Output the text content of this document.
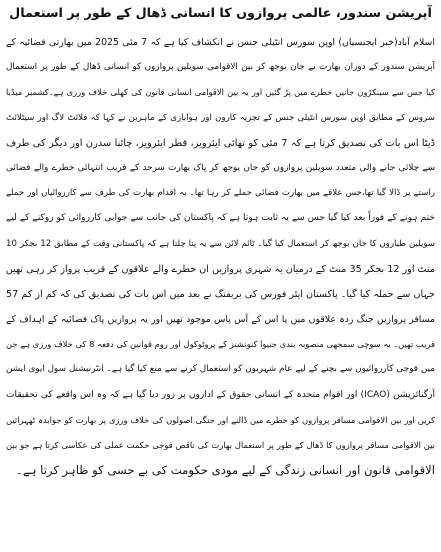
آپریشن سندور، عالمی پروازوں کا انسانی ڈھال کے طور پر استعمال
اسلام آباد(خبر ایجنسیاں) اوپن سورس انٹیلی جنس نے انکشاف کیا ہے کہ 7 مئی 2025 میں بھارتی فضائیہ کے
آپریشن سندور کے دوران بھارت نے جان بوجھ کر بین الاقوامی سویلین پروازوں کو انسانی ڈھال کے طور پر استعمال
کیا جس سے سینکڑوں جانیں خطرے میں پڑ گئیں اور یہ بین الاقوامی انسانی قانون کی کھلی خلاف ورزی ہے۔کشمیر میڈیا
سروس کے مطابق اوپن سورس انٹیلی جنس کے تجزیہ کاروں اور ہوابازی کے ماہرین نے کہا کہ فلائٹ لاگ اور سیٹلائٹ
ڈیٹا اس بات کی تصدیق کرتا ہے کہ 7 مئی کو تھائی ایئرویز، قطر ایئرویز، چائنا سدرن اور دیگر کی طرف
سے چلائی جانے والی متعدد سویلین پروازوں کو جان بوجھ کر پاک بھارت سرحد کے قریب انتہائی خطرے والے فضائی
راستے پر ڈالا گیا تھا،جس علاقے میں بھارت فضائی حملے کر رہا تھا۔ یہ اقدام بھارت کی طرف سے کارروائیاں اور حملے
ختم ہونے کے فوراً بعد کیا گیا جس سے یہ ثابت ہوتا ہے کہ پاکستان کی جانب سے جوابی کارروائی کو روکنے کے لیے
سویلین طیاروں کا جان بوجھ کر استعمال کیا گیا۔ ٹائم لائن سے یہ پتا چلتا ہے کہ پاکستانی وقت کے مطابق 12 بجکر 10
منٹ اور 12 بجکر 35 منٹ کے درمیان یہ شہری پروازیں ان خطرے والے علاقوں کے قریب پرواز کر رہی تھیں
جہاں سے حملہ کیا گیا۔ پاکستان ایئر فورس کی بریفنگ نے بعد میں اس بات کی تصدیق کی کہ کم از کم 57
مسافر پروازیں جنگ زدہ علاقوں میں یا اس کے آس پاس موجود تھیں اور یہ پروازیں پاک فضائیہ کے اہداف کے
قریب تھیں۔ یہ سوچی سمجھی منصوبہ بندی جنیوا کنونشنز کے پروٹوکول اور روم قوانین کی دفعہ 8 کی خلاف ورزی ہے جن
میں فوجی کارروائیوں سے بچنے کے لیے عام شہریوں کو استعمال کرنے سے منع کیا گیا ہے۔ انٹرنیشنل سول ایوی ایشن
آرگنائزیشن (ICAO) اور اقوام متحدہ کے انسانی حقوق کے اداروں پر زور دیا گیا ہے کہ وہ اس واقعے کی تحقیقات
کریں اور بین الاقوامی مسافر پروازوں کو خطرے میں ڈالنے اور جنگی اصولوں کی خلاف ورزی پر بھارت کو جوابدہ ٹھہرائیں
بین الاقوامی مسافر پروازوں کا ڈھال کے طور پر استعمال بھارت کی ناقص فوجی حکمت عملی کی عکاسی کرتا ہے جو بین
الاقوامی قانون اور انسانی زندگی کے لیے مودی حکومت کی بے حسی کو ظاہر کرتا ہے۔
